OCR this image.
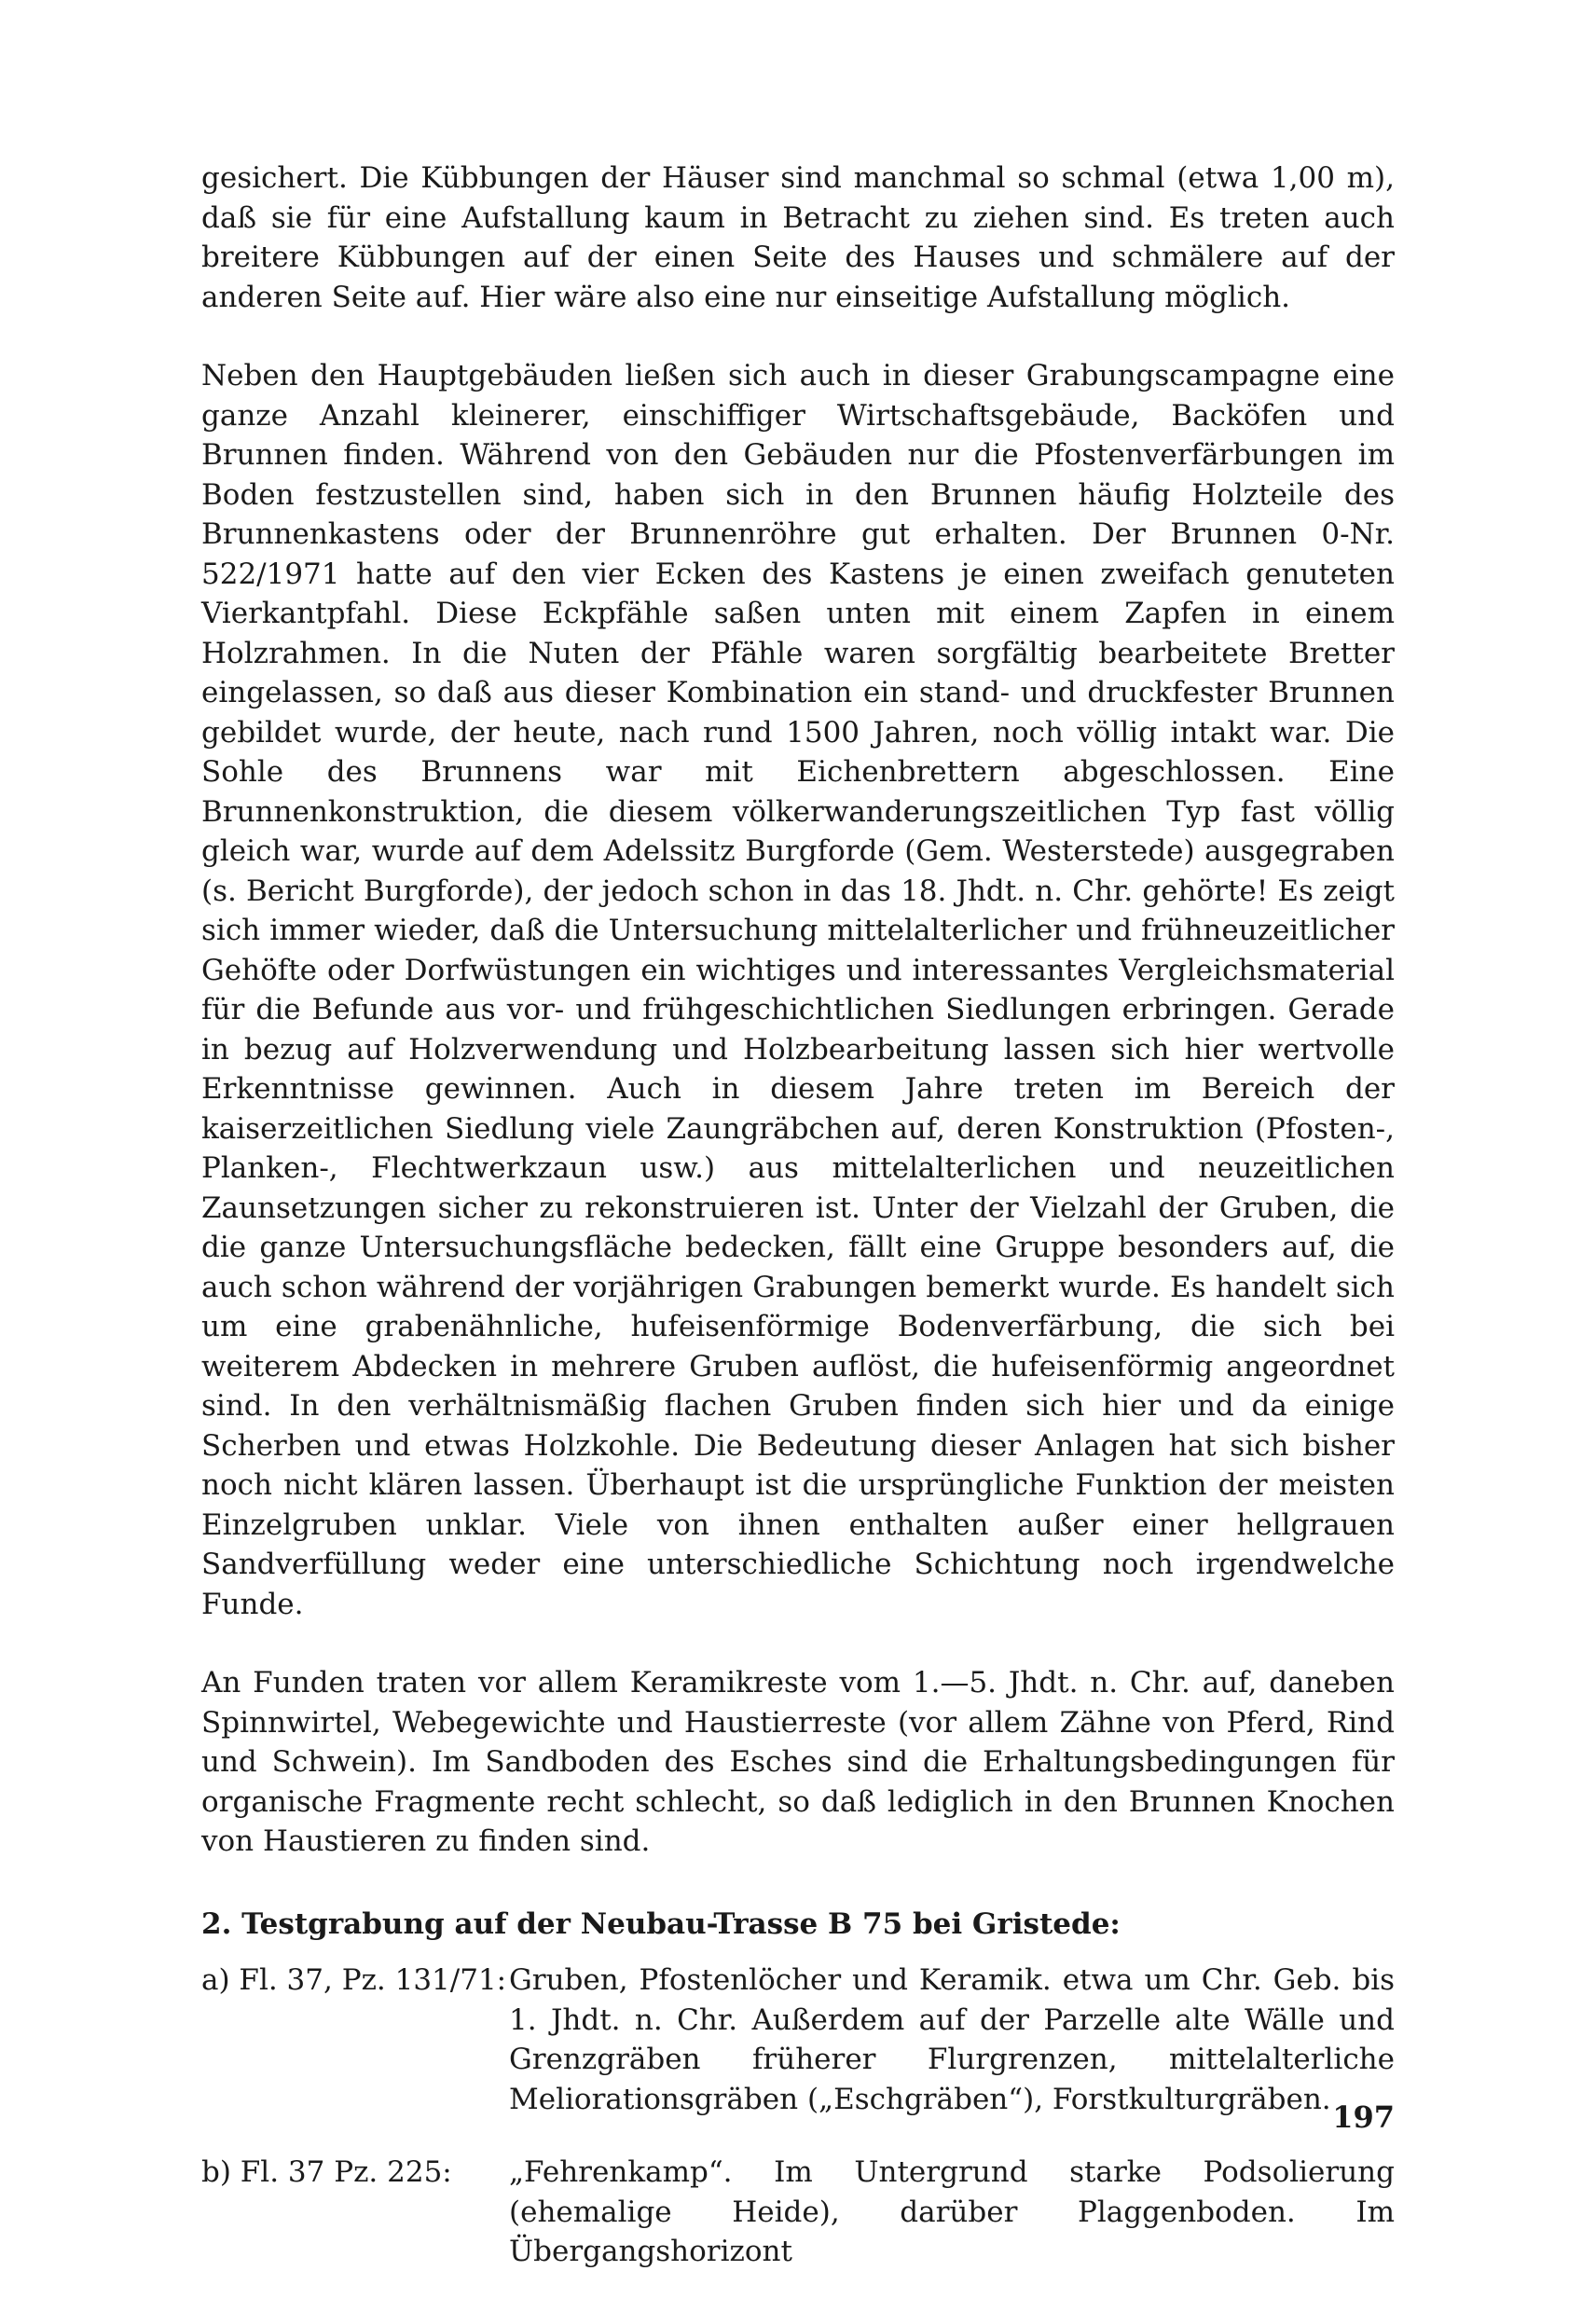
gesichert. Die Kübbungen der Häuser sind manchmal so schmal (etwa 1,00 m), daß sie für eine Aufstallung kaum in Betracht zu ziehen sind. Es treten auch breitere Kübbungen auf der einen Seite des Hauses und schmälere auf der anderen Seite auf. Hier wäre also eine nur einseitige Aufstallung möglich.

Neben den Hauptgebäuden ließen sich auch in dieser Grabungscampagne eine ganze Anzahl kleinerer, einschiffiger Wirtschaftsgebäude, Backöfen und Brunnen finden. Während von den Gebäuden nur die Pfostenverfärbungen im Boden festzustellen sind, haben sich in den Brunnen häufig Holzteile des Brunnenkastens oder der Brunnenröhre gut erhalten. Der Brunnen 0-Nr. 522/1971 hatte auf den vier Ecken des Kastens je einen zweifach genuteten Vierkantpfahl. Diese Eckpfähle saßen unten mit einem Zapfen in einem Holzrahmen. In die Nuten der Pfähle waren sorgfältig bearbeitete Bretter eingelassen, so daß aus dieser Kombination ein stand- und druckfester Brunnen gebildet wurde, der heute, nach rund 1500 Jahren, noch völlig intakt war. Die Sohle des Brunnens war mit Eichenbrettern abgeschlossen. Eine Brunnenkonstruktion, die diesem völkerwanderungszeitlichen Typ fast völlig gleich war, wurde auf dem Adelssitz Burgforde (Gem. Westerstede) ausgegraben (s. Bericht Burgforde), der jedoch schon in das 18. Jhdt. n. Chr. gehörte! Es zeigt sich immer wieder, daß die Untersuchung mittelalterlicher und frühneuzeitlicher Gehöfte oder Dorfwüstungen ein wichtiges und interessantes Vergleichsmaterial für die Befunde aus vor- und frühgeschichtlichen Siedlungen erbringen. Gerade in bezug auf Holzverwendung und Holzbearbeitung lassen sich hier wertvolle Erkenntnisse gewinnen. Auch in diesem Jahre treten im Bereich der kaiserzeitlichen Siedlung viele Zaungräbchen auf, deren Konstruktion (Pfosten-, Planken-, Flechtwerkzaun usw.) aus mittelalterlichen und neuzeitlichen Zaunsetzungen sicher zu rekonstruieren ist. Unter der Vielzahl der Gruben, die die ganze Untersuchungsfläche bedecken, fällt eine Gruppe besonders auf, die auch schon während der vorjährigen Grabungen bemerkt wurde. Es handelt sich um eine grabenähnliche, hufeisenförmige Bodenverfärbung, die sich bei weiterem Abdecken in mehrere Gruben auflöst, die hufeisenförmig angeordnet sind. In den verhältnismäßig flachen Gruben finden sich hier und da einige Scherben und etwas Holzkohle. Die Bedeutung dieser Anlagen hat sich bisher noch nicht klären lassen. Überhaupt ist die ursprüngliche Funktion der meisten Einzelgruben unklar. Viele von ihnen enthalten außer einer hellgrauen Sandverfüllung weder eine unterschiedliche Schichtung noch irgendwelche Funde.

An Funden traten vor allem Keramikreste vom 1.—5. Jhdt. n. Chr. auf, daneben Spinnwirtel, Webegewichte und Haustierreste (vor allem Zähne von Pferd, Rind und Schwein). Im Sandboden des Esches sind die Erhaltungsbedingungen für organische Fragmente recht schlecht, so daß lediglich in den Brunnen Knochen von Haustieren zu finden sind.

2. Testgrabung auf der Neubau-Trasse B 75 bei Gristede:
a) Fl. 37, Pz. 131/71: Gruben, Pfostenlöcher und Keramik. etwa um Chr. Geb. bis 1. Jhdt. n. Chr. Außerdem auf der Parzelle alte Wälle und Grenzgräben früherer Flurgrenzen, mittelalterliche Meliorationsgräben („Eschgräben“), Forstkulturgräben.
b) Fl. 37 Pz. 225:	„Fehrenkamp“. Im Untergrund starke Podsolierung (ehemalige Heide), darüber Plaggenboden. Im Übergangshorizont
197
